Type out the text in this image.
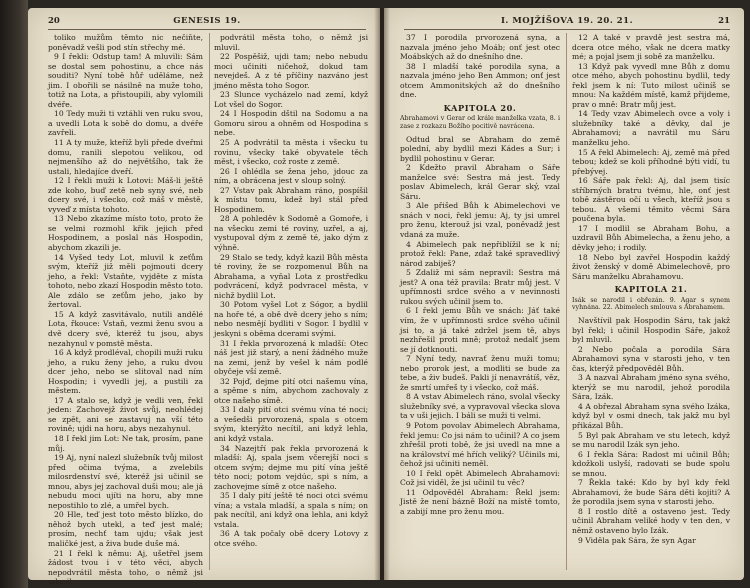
20	GENESIS 19.

toliko mužům těmto nic nečiňte, poněvadž vešli pod stín střechy mé.

9 I řekli: Odstup tam! A mluvili: Sám se dostal sem pohostinu, a chce nás souditi? Nyní tobě hůř uděláme, než jim. I obořili se násilně na muže toho, totiž na Lota, a přistoupili, aby vylomili dvéře.

10 Tedy muži ti vztáhli ven ruku svou, a uvedli Lota k sobě do domu, a dvéře zavřeli.

11 A ty muže, kteříž byli přede dveřmi domu, ranili slepotou velikou, od nejmenšího až do největšího, tak že ustali, hledajíce dveří.

12 I řekli muži k Lotovi: Máš-li ještě zde koho, buď zetě neb syny své, neb dcery své, i všecko, což máš v městě, vyveď z místa tohoto.

13 Nebo zkazíme místo toto, proto že se velmi rozmohl křik jejich před Hospodinem, a poslal nás Hospodin, abychom zkazili je.

14 Vyšed tedy Lot, mluvil k zeťům svým, kteříž již měli pojmouti dcery jeho, a řekl: Vstaňte, vyjděte z místa tohoto, nebo zkazí Hospodin město toto. Ale zdálo se zeťům jeho, jako by žertoval.

15 A když zasvitávalo, nutili andělé Lota, řkouce: Vstaň, vezmi ženu svou a dvě dcery své, kteréž tu jsou, abys nezahynul v pomstě města.

16 A když prodléval, chopili muži ruku jeho, a ruku ženy jeho, a ruku dvou dcer jeho, nebo se slitoval nad ním Hospodin; i vyvedli jej, a pustili za městem.

17 A stalo se, když je vedli ven, řekl jeden: Zachovejž život svůj, neohlédej se zpět, ani se zastavuj na vší této rovině; ujdi na horu, abys nezahynul.

18 I řekl jim Lot: Ne tak, prosím, pane můj.

19 Aj, nyní nalezl služebník tvůj milost před očima tvýma, a zvelebils milosrdenství své, kteréž jsi učinil se mnou, abys jej zachoval duši mou; ale já nebudu moci ujíti na horu, aby mne nepostihlo to zlé, a umřel bych.

20 Hle, teď jest toto město blízko, do něhož bych utekl, a teď jest malé; prosím, nechť tam ujdu; však jest maličké jest, a živa bude duše má.

21 I řekl k němu: Aj, ušetřel jsem žádost tvou i v této věci, abych nepodvrátil města toho, o němž jsi mluvil.

podvrátil města toho, o němž jsi mluvil.

22 Pospěšiž, ujdi tam; nebo nebudu moci učiniti ničehož, dokud tam nevejdeš. A z té příčiny nazváno jest jméno města toho Sogor.

23 Slunce vycházelo nad zemí, když Lot všel do Sogor.

24 I Hospodin dštil na Sodomu a na Gomoru sirou a ohněm od Hospodina s nebe.

25 A podvrátil ta města i všecku tu rovinu, všecky také obyvatele těch měst, i všecko, což roste z země.

26 I ohlédla se žena jeho, jdouc za ním, a obrácena jest v sloup solný.

27 Vstav pak Abraham ráno, pospíšil k místu tomu, kdež byl stál před Hospodinem.

28 A pohleděv k Sodomě a Gomoře, i na všecku zemi té roviny, uzřel, a aj, vystupoval dým z země té, jako dým z výhně.

29 Stalo se tedy, když kazil Bůh města té roviny, že se rozpomenul Bůh na Abrahama, a vyňal Lota z prostředku podvrácení, když podvracel města, v nichž bydlil Lot.

30 Potom vyšel Lot z Sógor, a bydlil na hoře té, a obě dvě dcery jeho s ním; nebo nesmějí bydliti v Sogor. I bydlil v jeskyni s oběma dcerami svými.

31 I řekla prvorozená k mladší: Otec náš jest již starý, a není žádného muže na zemi, jenž by vešel k nám podlé obyčeje vší země.

32 Pojď, dejme pití otci našemu vína, a spěme s ním, abychom zachovaly z otce našeho símě.

33 I daly pití otci svému vína té noci; a vešedši prvorozená, spala s otcem svým, kterýžto necítil, ani když lehla, ani když vstala.

34 Nazejtří pak řekla prvorozená k mladší: Aj, spala jsem včerejší noci s otcem svým; dejme mu pití vína ještě této noci; potom vejdúc, spi s ním, a zachovejme símě z otce našeho.

35 I daly pití ještě té noci otci svému vína; a vstala mladší, a spala s ním; on pak necítil, ani když ona lehla, ani když vstala.

36 A tak počaly obě dcery Lotovy z otce svého.

I. MOJŽÍŠOVA 19. 20. 21.	21

37 I porodila prvorozená syna, a nazvala jméno jeho Moáb; onť jest otec Moábských až do dnešního dne.

38 I mladší také porodila syna, a nazvala jméno jeho Ben Ammon; onť jest otcem Ammonitských až do dnešního dne.

KAPITOLA 20.

Abrahamovi v Gerar od krále manželka vzata, 8. i zase z rozkazu Božího pocitivě navrácena.

Odtud bral se Abraham do země polední, aby bydlil mezi Kádes a Sur; i bydlil pohostinu v Gerar.

2 Kdežto pravil Abraham o Sáře manželce své: Sestra má jest. Tedy poslav Abimelech, král Gerar ský, vzal Sáru.

3 Ale přišed Bůh k Abimelechovi ve snách v noci, řekl jemu: Aj, ty jsi umrel pro ženu, kterouž jsi vzal, poněvadž jest vdaná za muže.

4 Abimelech pak nepřiblížil se k ní; protož řekl: Pane, zdaž také spravedlivý národ zabiješ?

5 Zdaliž mi sám nepravil: Sestra má jest? A ona též pravila: Bratr můj jest. V upřímnosti srdce svého a v nevinnosti rukou svých učinil jsem to.

6 I řekl jemu Bůh ve snách: Jáť také vím, že v upřímnosti srdce svého učinil jsi to, a já také zdržel jsem tě, abys nezhřešil proti mně; protož nedalť jsem se jí dotknouti.

7 Nyní tedy, navrať ženu muži tomu; nebo prorok jest, a modliti se bude za tebe, a živ budeš. Pakli jí nenavrátíš, věz, že smrtí umřeš ty i všecko, což máš.

8 A vstav Abimelech ráno, svolal všecky služebníky své, a vypravoval všecka slova ta v uši jejich. I báli se muži ti velmi.

9 Potom povolav Abimelech Abrahama, řekl jemu: Co jsi nám to učinil? A co jsem zhřešil proti tobě, že jsi uvedl na mne a na království mé hřích veliký? Učinils mi, čehož jsi učiniti neměl.

10 I řekl opět Abimelech Abrahamovi: Což jsi viděl, že jsi učinil tu věc?

11 Odpověděl Abraham: Řekl jsem: Jistě že není bázně Boží na místě tomto, a zabijí mne pro ženu mou.

12 A také v pravdě jest sestra má, dcera otce mého, však ne dcera matky mé; a pojal jsem ji sobě za manželku.

13 Když pak vyvedl mne Bůh z domu otce mého, abych pohostinu bydlil, tedy řekl jsem k ní: Tuto milost učiníš se mnou: Na každém místě, kamž přijdeme, prav o mně: Bratr můj jest.

14 Tedy vzav Abimelech ovce a voly i služebníky také a děvky, dal je Abrahamovi; a navrátil mu Sáru manželku jeho.

15 A řekl Abimelech: Aj, země má před tebou; kdež se koli příhodné býti vidí, tu přebývej.

16 Sáře pak řekl: Aj, dal jsem tisíc stříbrných bratru tvému, hle, onť jest tobě zástěrou očí u všech, kteříž jsou s tebou. A všemi těmito věcmi Sára poučena byla.

17 I modlil se Abraham Bohu, a uzdravil Bůh Abimelecha, a ženu jeho, a děvky jeho; i rodily.

18 Nebo byl zavřel Hospodin každý život ženský v domě Abimelechově, pro Sáru manželku Abrahamovu.

KAPITOLA 21.

Isák se narodil i obřezán. 9. Agar s synem vyhnána. 22. Abimelech smlouva s Abrahamem.

Navštívil pak Hospodin Sáru, tak jakž byl řekl; i učinil Hospodin Sáře, jakož byl mluvil.

2 Nebo počala a porodila Sára Abrahamovi syna v starosti jeho, v ten čas, kterýž předpověděl Bůh.

3 A nazval Abraham jméno syna svého, kterýž se mu narodil, jehož porodila Sára, Izák.

4 A obřezal Abraham syna svého Izáka, když byl v osmi dnech, tak jakž mu byl přikázal Bůh.

5 Byl pak Abraham ve stu letech, když se mu narodil Izák syn jeho.

6 I řekla Sára: Radost mi učinil Bůh; kdožkoli uslyší, radovati se bude spolu se mnou.

7 Řekla také: Kdo by byl kdy řekl Abrahamovi, že bude Sára děti kojiti? A že porodila jsem syna v starosti jeho.

8 I rostlo dítě a ostaveno jest. Tedy učinil Abraham veliké hody v ten den, v němž ostaveno bylo Izák.

9 Viděla pak Sára, že syn Agar
